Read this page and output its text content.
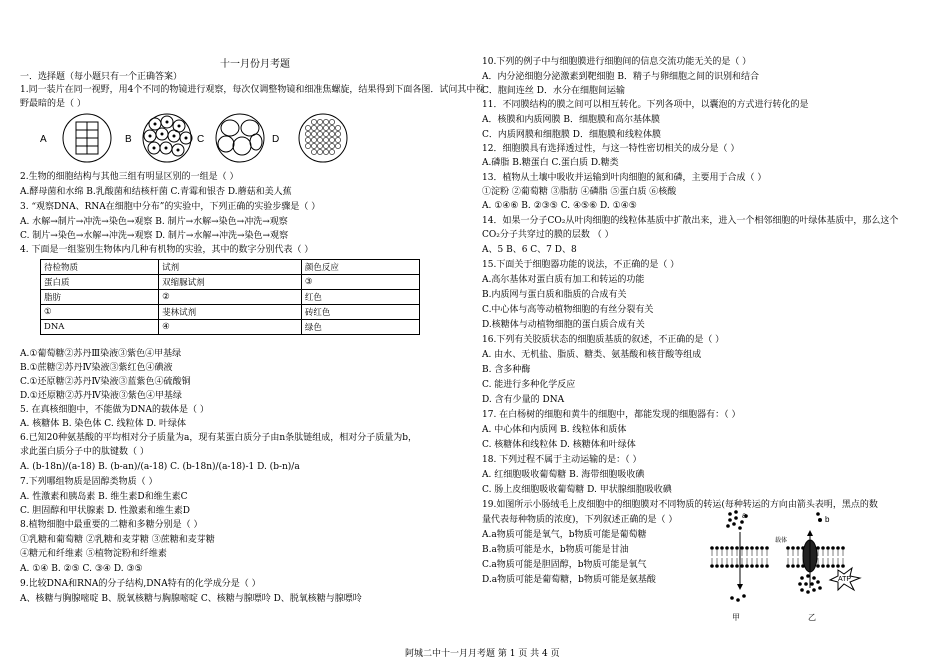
十一月份月考题
一．选择题（每小题只有一个正确答案）
1.同一装片在同一视野，用4个不同的物镜进行观察，每次仅调整物镜和细准焦螺旋，结果得到下面各图．试问其中视
野最暗的是（ ）
2.生物的细胞结构与其他三组有明显区别的一组是（ ）
A.酵母菌和水绵 B.乳酸菌和结核杆菌 C.青霉和银杏 D.蘑菇和美人蕉
3. “观察DNA、RNA在细胞中分布”的实验中，下列正确的实验步骤是（ ）
A. 水解→制片→冲洗→染色→观察 B. 制片→水解→染色→冲洗→观察
C. 制片→染色→水解→冲洗→观察 D. 制片→水解→冲洗→染色→观察
4. 下面是一组鉴别生物体内几种有机物的实验，其中的数字分别代表（ ）
A.①葡萄糖②苏丹Ⅲ染液③紫色④甲基绿
B.①蔗糖②苏丹Ⅳ染液③紫红色④碘液
C.①还原糖②苏丹Ⅳ染液③蓝紫色④硫酸铜
D.①还原糖②苏丹Ⅳ染液③紫色④甲基绿
5. 在真核细胞中，不能做为DNA的载体是（ ）
A. 核糖体 B. 染色体 C. 线粒体 D. 叶绿体
6.已知20种氨基酸的平均相对分子质量为a，现有某蛋白质分子由n条肽链组成，相对分子质量为b，
求此蛋白质分子中的肽键数（ ）
A. (b-18n)/(a-18) B. (b-an)/(a-18) C. (b-18n)/(a-18)-1 D. (b-n)/a
7.下列哪组物质是固醇类物质（ ）
A. 性激素和胰岛素 B. 维生素D和维生素C
C. 胆固醇和甲状腺素 D. 性激素和维生素D
8.植物细胞中最重要的二糖和多糖分别是（ ）
①乳糖和葡萄糖 ②乳糖和麦芽糖 ③蔗糖和麦芽糖
④糖元和纤维素 ⑤植物淀粉和纤维素
A. ①④ B. ②⑤ C. ③④ D. ③⑤
9.比较DNA和RNA的分子结构,DNA特有的化学成分是（ ）
A、核糖与胸腺嘧啶 B、脱氧核糖与胸腺嘧啶 C、核糖与腺嘌呤 D、脱氧核糖与腺嘌呤
A	B	C	D
待检物质	试剂	颜色反应
蛋白质	双缩脲试剂	③
脂肪	②	红色
①	斐林试剂	砖红色
DNA	④	绿色
10.下列的例子中与细胞膜进行细胞间的信息交流功能无关的是（ ）
A．内分泌细胞分泌激素到靶细胞 B．精子与卵细胞之间的识别和结合
C．胞间连丝 D．水分在细胞间运输
11．不同膜结构的膜之间可以相互转化。下列各项中，以囊泡的方式进行转化的是
A．核膜和内质网膜 B．细胞膜和高尔基体膜
C．内质网膜和细胞膜 D．细胞膜和线粒体膜
12．细胞膜具有选择透过性，与这一特性密切相关的成分是（ ）
A.磷脂 B.糖蛋白 C.蛋白质 D.糖类
13．植物从土壤中吸收并运输到叶肉细胞的氮和磷，主要用于合成（ ）
①淀粉 ②葡萄糖 ③脂肪 ④磷脂 ⑤蛋白质 ⑥核酸
A. ①④⑥ B. ②③⑤ C. ④⑤⑥ D. ①④⑤
14．如果一分子CO₂从叶肉细胞的线粒体基质中扩散出来，进入一个相邻细胞的叶绿体基质中，那么这个
CO₂分子共穿过的膜的层数 （ ）
A、5 B、6 C、7 D、8
15.下面关于细胞器功能的说法，不正确的是（ ）
A.高尔基体对蛋白质有加工和转运的功能
B.内质网与蛋白质和脂质的合成有关
C.中心体与高等动植物细胞的有丝分裂有关
D.核糖体与动植物细胞的蛋白质合成有关
16.下列有关胶质状态的细胞质基质的叙述，不正确的是（ ）
A. 由水、无机盐、脂质、糖类、氨基酸和核苷酸等组成
B. 含多种酶
C. 能进行多种化学反应
D. 含有少量的 DNA
17. 在白杨树的细胞和黄牛的细胞中，都能发现的细胞器有：（ ）
A. 中心体和内质网 B. 线粒体和质体
C. 核糖体和线粒体 D. 核糖体和叶绿体
18. 下列过程不属于主动运输的是：（ ）
A. 红细胞吸收葡萄糖 B. 海带细胞吸收碘
C. 肠上皮细胞吸收葡萄糖 D. 甲状腺细胞吸收碘
19.如图所示小肠绒毛上皮细胞中的细胞膜对不同物质的转运(每种转运的方向由箭头表明，黑点的数
量代表每种物质的浓度)，下列叙述正确的是（ ）
A.a物质可能是氧气，b物质可能是葡萄糖
B.a物质可能是水，b物质可能是甘油
C.a物质可能是胆固醇，b物质可能是氧气
D.a物质可能是葡萄糖，b物质可能是氨基酸
a
载体
b
ATP
甲	乙
阿城二中十一月月考题 第 1 页 共 4 页
